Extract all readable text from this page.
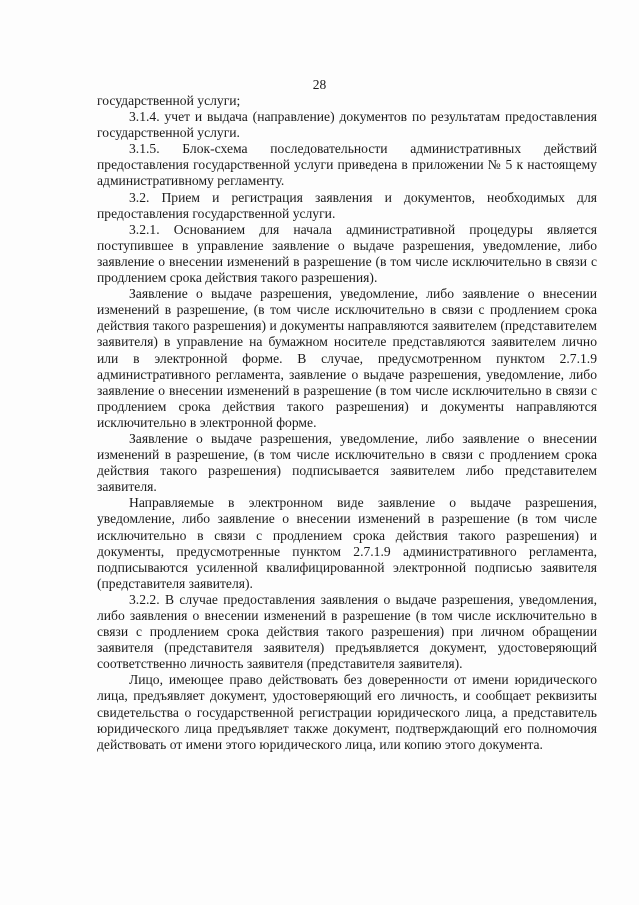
28

государственной услуги;

3.1.4. учет и выдача (направление) документов по результатам предоставления государственной услуги.

3.1.5. Блок-схема последовательности административных действий предоставления государственной услуги приведена в приложении № 5 к настоящему административному регламенту.

3.2. Прием и регистрация заявления и документов, необходимых для предоставления государственной услуги.

3.2.1. Основанием для начала административной процедуры является поступившее в управление заявление о выдаче разрешения, уведомление, либо заявление о внесении изменений в разрешение (в том числе исключительно в связи с продлением срока действия такого разрешения).

Заявление о выдаче разрешения, уведомление, либо заявление о внесении изменений в разрешение, (в том числе исключительно в связи с продлением срока действия такого разрешения) и документы направляются заявителем (представителем заявителя) в управление на бумажном носителе представляются заявителем лично или в электронной форме. В случае, предусмотренном пунктом 2.7.1.9 административного регламента, заявление о выдаче разрешения, уведомление, либо заявление о внесении изменений в разрешение (в том числе исключительно в связи с продлением срока действия такого разрешения) и документы направляются исключительно в электронной форме.

Заявление о выдаче разрешения, уведомление, либо заявление о внесении изменений в разрешение, (в том числе исключительно в связи с продлением срока действия такого разрешения) подписывается заявителем либо представителем заявителя.

Направляемые в электронном виде заявление о выдаче разрешения, уведомление, либо заявление о внесении изменений в разрешение (в том числе исключительно в связи с продлением срока действия такого разрешения) и документы, предусмотренные пунктом 2.7.1.9 административного регламента, подписываются усиленной квалифицированной электронной подписью заявителя (представителя заявителя).

3.2.2. В случае предоставления заявления о выдаче разрешения, уведомления, либо заявления о внесении изменений в разрешение (в том числе исключительно в связи с продлением срока действия такого разрешения) при личном обращении заявителя (представителя заявителя) предъявляется документ, удостоверяющий соответственно личность заявителя (представителя заявителя).

Лицо, имеющее право действовать без доверенности от имени юридического лица, предъявляет документ, удостоверяющий его личность, и сообщает реквизиты свидетельства о государственной регистрации юридического лица, а представитель юридического лица предъявляет также документ, подтверждающий его полномочия действовать от имени этого юридического лица, или копию этого документа.
